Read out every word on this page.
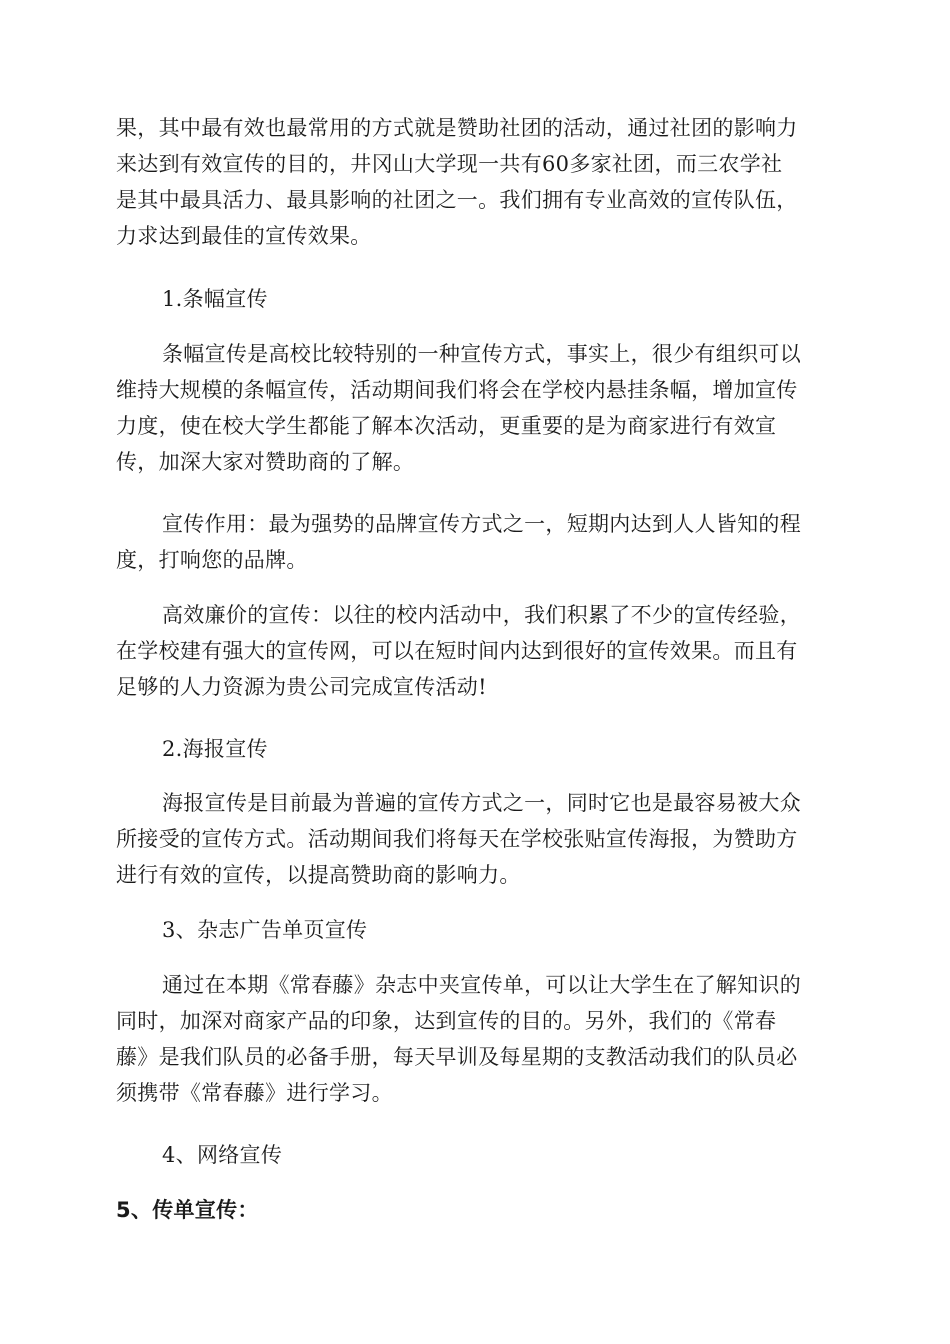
果，其中最有效也最常用的方式就是赞助社团的活动，通过社团的影响力
来达到有效宣传的目的，井冈山大学现一共有60多家社团，而三农学社
是其中最具活力、最具影响的社团之一。我们拥有专业高效的宣传队伍，
力求达到最佳的宣传效果。
1.条幅宣传
条幅宣传是高校比较特别的一种宣传方式，事实上，很少有组织可以
维持大规模的条幅宣传，活动期间我们将会在学校内悬挂条幅，增加宣传
力度，使在校大学生都能了解本次活动，更重要的是为商家进行有效宣
传，加深大家对赞助商的了解。
宣传作用：最为强势的品牌宣传方式之一，短期内达到人人皆知的程
度，打响您的品牌。
高效廉价的宣传：以往的校内活动中，我们积累了不少的宣传经验，
在学校建有强大的宣传网，可以在短时间内达到很好的宣传效果。而且有
足够的人力资源为贵公司完成宣传活动!
2.海报宣传
海报宣传是目前最为普遍的宣传方式之一，同时它也是最容易被大众
所接受的宣传方式。活动期间我们将每天在学校张贴宣传海报，为赞助方
进行有效的宣传，以提高赞助商的影响力。
3、杂志广告单页宣传
通过在本期《常春藤》杂志中夹宣传单，可以让大学生在了解知识的
同时，加深对商家产品的印象，达到宣传的目的。另外，我们的《常春
藤》是我们队员的必备手册，每天早训及每星期的支教活动我们的队员必
须携带《常春藤》进行学习。
4、网络宣传
5、传单宣传：
